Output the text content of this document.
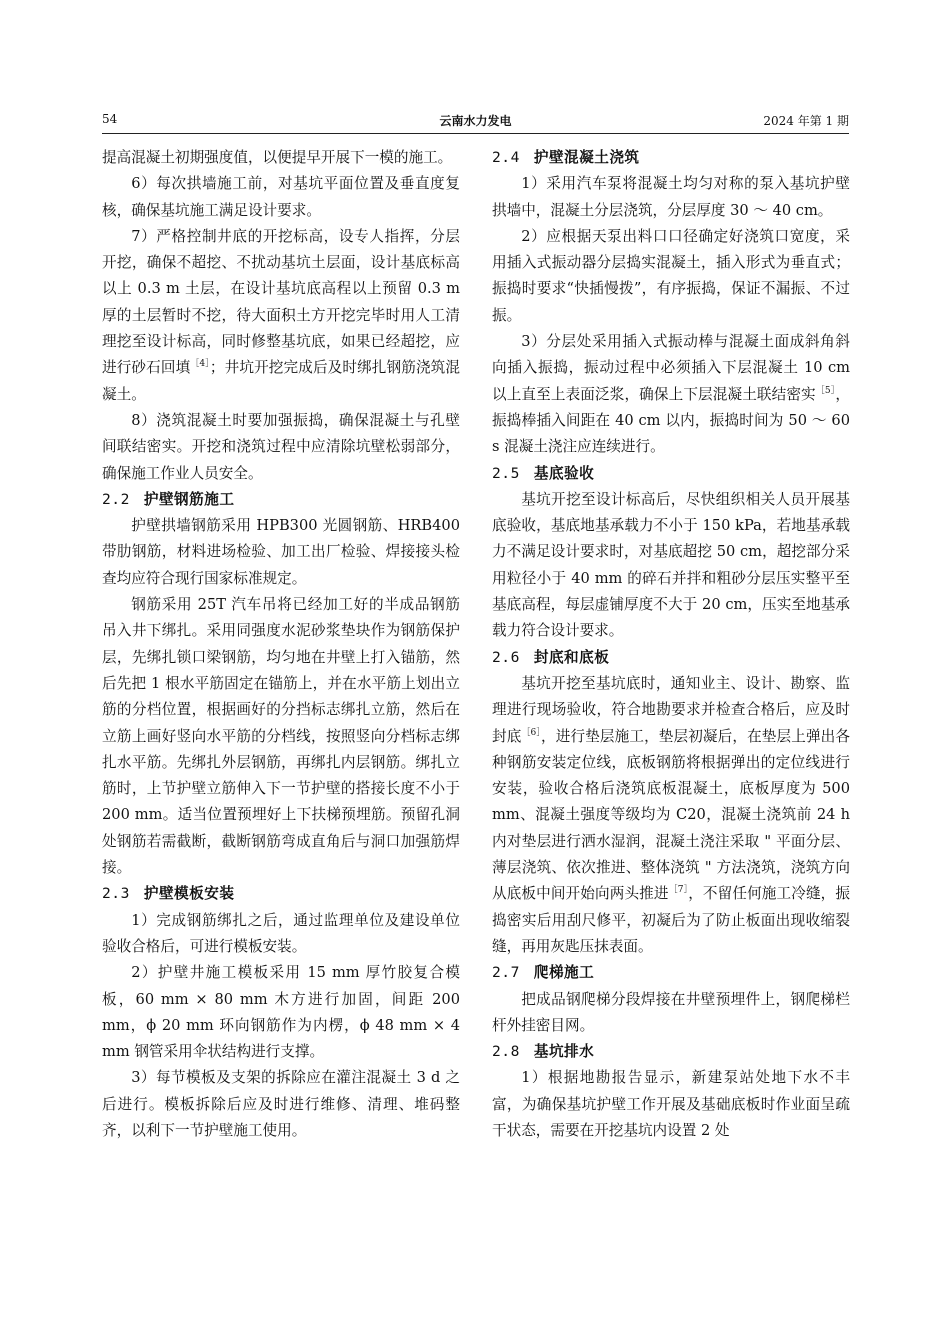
54	云南水力发电	2024 年第 1 期

提高混凝土初期强度值，以便提早开展下一模的施工。

6）每次拱墙施工前，对基坑平面位置及垂直度复核，确保基坑施工满足设计要求。

7）严格控制井底的开挖标高，设专人指挥，分层开挖，确保不超挖、不扰动基坑土层面，设计基底标高以上 0.3 m 土层，在设计基坑底高程以上预留 0.3 m 厚的土层暂时不挖，待大面积土方开挖完毕时用人工清理挖至设计标高，同时修整基坑底，如果已经超挖，应进行砂石回填$^{[4]}$；井坑开挖完成后及时绑扎钢筋浇筑混凝土。

8）浇筑混凝土时要加强振捣，确保混凝土与孔壁间联结密实。开挖和浇筑过程中应清除坑壁松弱部分，确保施工作业人员安全。

2.2 护壁钢筋施工

护壁拱墙钢筋采用 HPB300 光圆钢筋、HRB400 带肋钢筋，材料进场检验、加工出厂检验、焊接接头检查均应符合现行国家标准规定。

钢筋采用 25T 汽车吊将已经加工好的半成品钢筋吊入井下绑扎。采用同强度水泥砂浆垫块作为钢筋保护层，先绑扎锁口梁钢筋，均匀地在井壁上打入锚筋，然后先把 1 根水平筋固定在锚筋上，并在水平筋上划出立筋的分档位置，根据画好的分挡标志绑扎立筋，然后在立筋上画好竖向水平筋的分档线，按照竖向分档标志绑扎水平筋。先绑扎外层钢筋，再绑扎内层钢筋。绑扎立筋时，上节护壁立筋伸入下一节护壁的搭接长度不小于 200 mm。适当位置预埋好上下扶梯预埋筋。预留孔洞处钢筋若需截断，截断钢筋弯成直角后与洞口加强筋焊接。

2.3 护壁模板安装

1）完成钢筋绑扎之后，通过监理单位及建设单位验收合格后，可进行模板安装。

2）护壁井施工模板采用 15 mm 厚竹胶复合模板，60 mm × 80 mm 木方进行加固，间距 200 mm，ϕ 20 mm 环向钢筋作为内楞，ϕ 48 mm × 4 mm 钢管采用伞状结构进行支撑。

3）每节模板及支架的拆除应在灌注混凝土 3 d 之后进行。模板拆除后应及时进行维修、清理、堆码整齐，以利下一节护壁施工使用。

2.4 护壁混凝土浇筑

1）采用汽车泵将混凝土均匀对称的泵入基坑护壁拱墙中，混凝土分层浇筑，分层厚度 30 ～ 40 cm。

2）应根据天泵出料口口径确定好浇筑口宽度，采用插入式振动器分层捣实混凝土，插入形式为垂直式；振捣时要求“快插慢拨”，有序振捣，保证不漏振、不过振。

3）分层处采用插入式振动棒与混凝土面成斜角斜向插入振捣，振动过程中必须插入下层混凝土 10 cm 以上直至上表面泛浆，确保上下层混凝土联结密实$^{[5]}$，振捣棒插入间距在 40 cm 以内，振捣时间为 50 ～ 60 s 混凝土浇注应连续进行。

2.5 基底验收

基坑开挖至设计标高后，尽快组织相关人员开展基底验收，基底地基承载力不小于 150 kPa，若地基承载力不满足设计要求时，对基底超挖 50 cm，超挖部分采用粒径小于 40 mm 的碎石并拌和粗砂分层压实整平至基底高程，每层虚铺厚度不大于 20 cm，压实至地基承载力符合设计要求。

2.6 封底和底板

基坑开挖至基坑底时，通知业主、设计、勘察、监理进行现场验收，符合地勘要求并检查合格后，应及时封底$^{[6]}$，进行垫层施工，垫层初凝后，在垫层上弹出各种钢筋安装定位线，底板钢筋将根据弹出的定位线进行安装，验收合格后浇筑底板混凝土，底板厚度为 500 mm、混凝土强度等级均为 C20，混凝土浇筑前 24 h 内对垫层进行洒水湿润，混凝土浇注采取 " 平面分层、薄层浇筑、依次推进、整体浇筑 " 方法浇筑，浇筑方向从底板中间开始向两头推进$^{[7]}$，不留任何施工冷缝，振捣密实后用刮尺修平，初凝后为了防止板面出现收缩裂缝，再用灰匙压抹表面。

2.7 爬梯施工

把成品钢爬梯分段焊接在井壁预埋件上，钢爬梯栏杆外挂密目网。

2.8 基坑排水

1）根据地勘报告显示，新建泵站处地下水不丰富，为确保基坑护壁工作开展及基础底板时作业面呈疏干状态，需要在开挖基坑内设置 2 处
